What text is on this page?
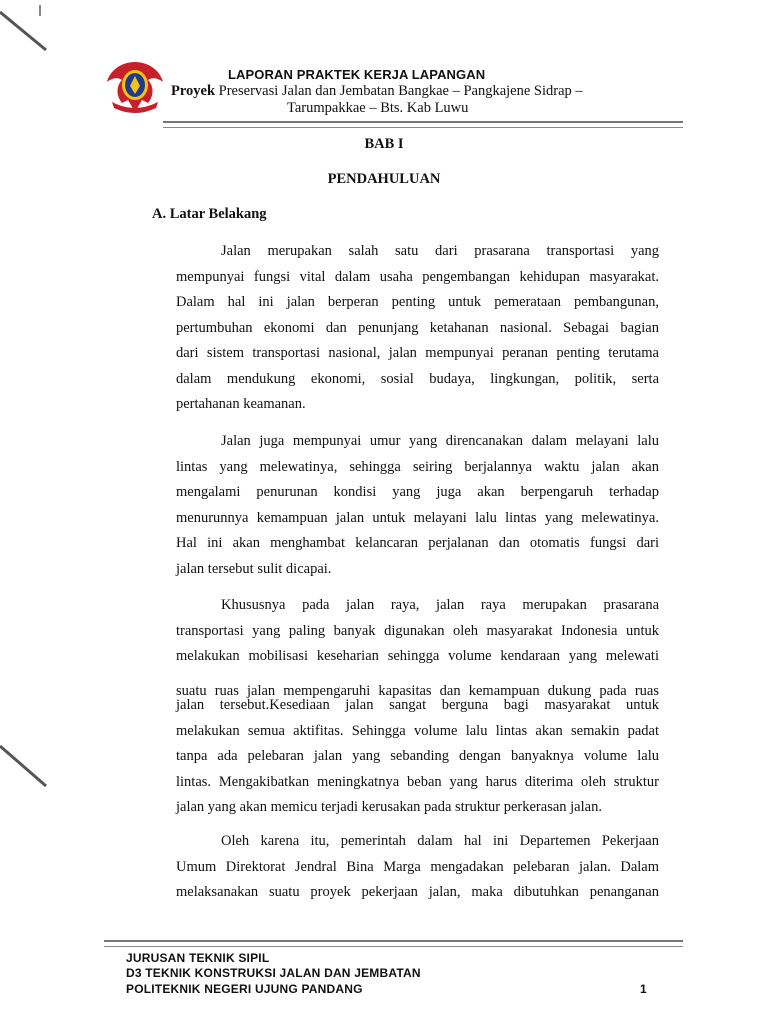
LAPORAN PRAKTEK KERJA LAPANGAN
Proyek Preservasi Jalan dan Jembatan Bangkae – Pangkajene Sidrap –
Tarumpakkae – Bts. Kab Luwu
BAB I
PENDAHULUAN
A. Latar Belakang
Jalan merupakan salah satu dari prasarana transportasi yang
mempunyai fungsi vital dalam usaha pengembangan kehidupan masyarakat.
Dalam hal ini jalan berperan penting untuk pemerataan pembangunan,
pertumbuhan ekonomi dan penunjang ketahanan nasional. Sebagai bagian
dari sistem transportasi nasional, jalan mempunyai peranan penting terutama
dalam mendukung ekonomi, sosial budaya, lingkungan, politik, serta
pertahanan keamanan.
Jalan juga mempunyai umur yang direncanakan dalam melayani lalu
lintas yang melewatinya, sehingga seiring berjalannya waktu jalan akan
mengalami penurunan kondisi yang juga akan berpengaruh terhadap
menurunnya kemampuan jalan untuk melayani lalu lintas yang melewatinya.
Hal ini akan menghambat kelancaran perjalanan dan otomatis fungsi dari
jalan tersebut sulit dicapai.
Khususnya pada jalan raya, jalan raya merupakan prasarana
transportasi yang paling banyak digunakan oleh masyarakat Indonesia untuk
melakukan mobilisasi keseharian sehingga volume kendaraan yang melewati
suatu ruas jalan mempengaruhi kapasitas dan kemampuan dukung pada ruas
jalan tersebut.Kesediaan jalan sangat berguna bagi masyarakat untuk
melakukan semua aktifitas. Sehingga volume lalu lintas akan semakin padat
tanpa ada pelebaran jalan yang sebanding dengan banyaknya volume lalu
lintas. Mengakibatkan meningkatnya beban yang harus diterima oleh struktur
jalan yang akan memicu terjadi kerusakan pada struktur perkerasan jalan.
Oleh karena itu, pemerintah dalam hal ini Departemen Pekerjaan
Umum Direktorat Jendral Bina Marga mengadakan pelebaran jalan. Dalam
melaksanakan suatu proyek pekerjaan jalan, maka dibutuhkan penanganan
JURUSAN TEKNIK SIPIL
D3 TEKNIK KONSTRUKSI JALAN DAN JEMBATAN
POLITEKNIK NEGERI UJUNG PANDANG	1
